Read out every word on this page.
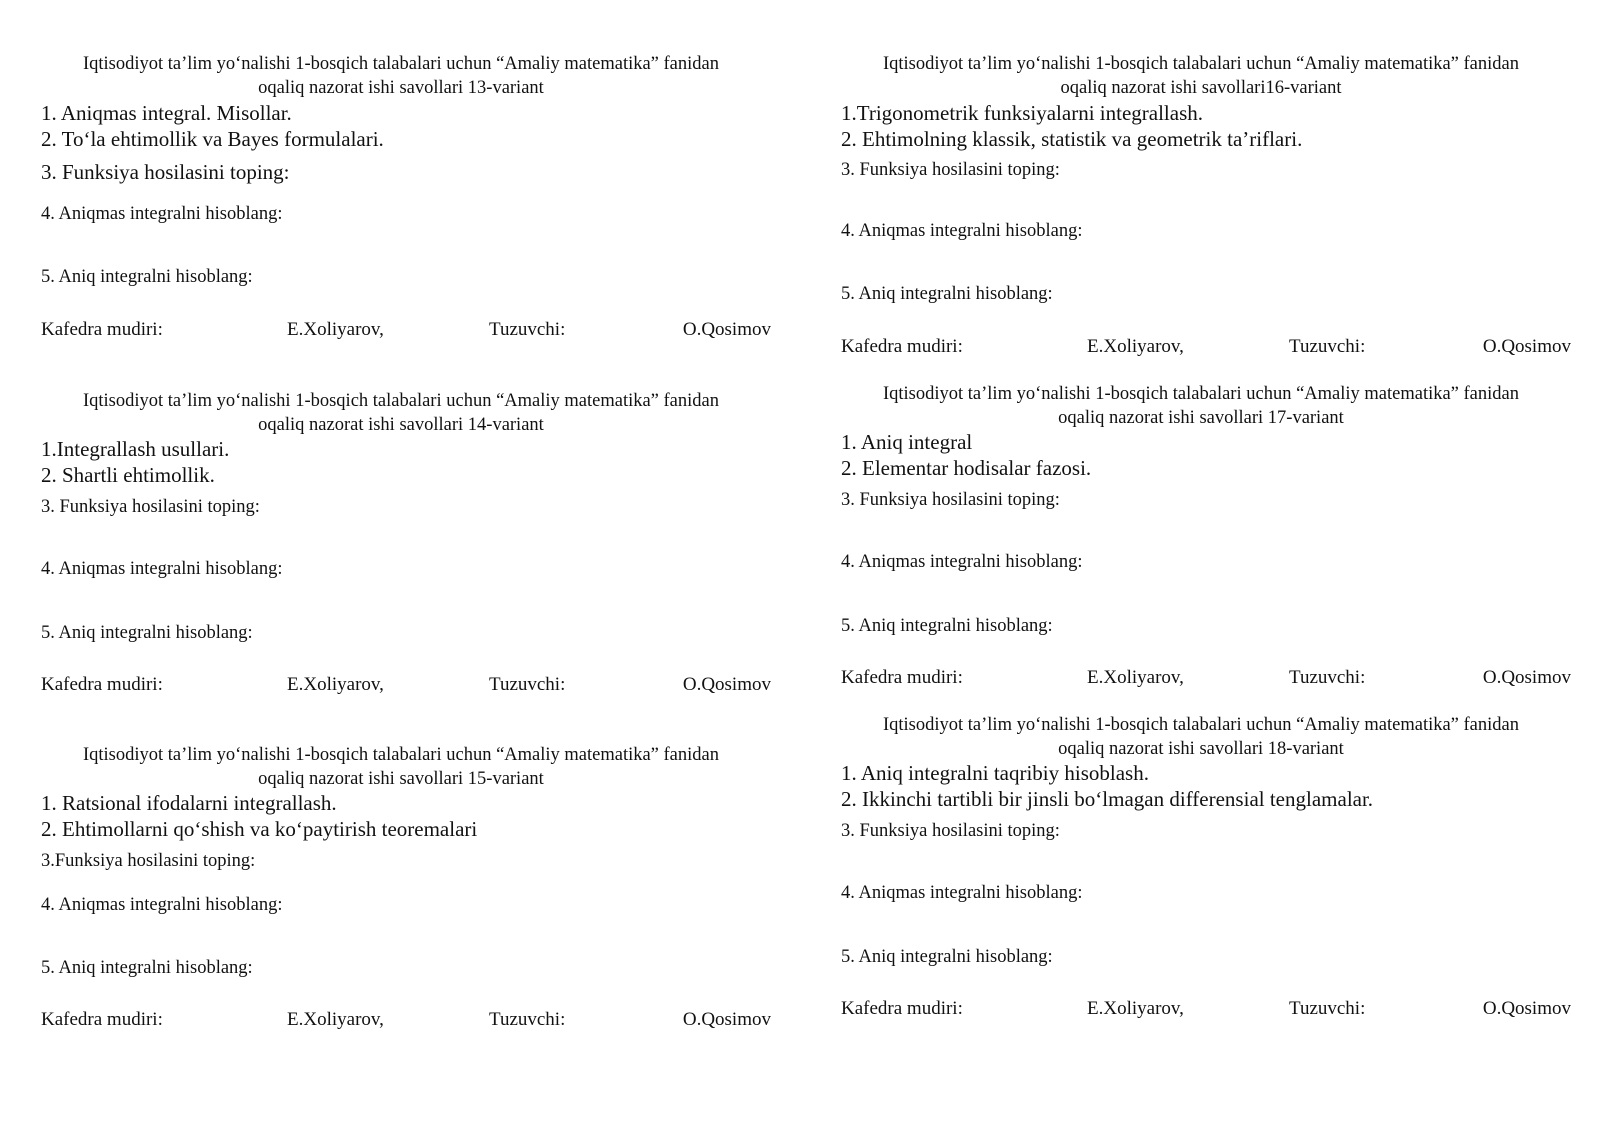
Iqtisodiyot ta’lim yo‘nalishi 1-bosqich talabalari uchun “Amaliy matematika” fanidan
oqaliq nazorat ishi savollari 13-variant
1. Aniqmas integral. Misollar.
2. To‘la ehtimollik va Bayes formulalari.
3. Funksiya hosilasini toping:
4. Aniqmas integralni hisoblang:
5. Aniq integralni hisoblang:
Kafedra mudiri:	E.Xoliyarov,	Tuzuvchi:	O.Qosimov
Iqtisodiyot ta’lim yo‘nalishi 1-bosqich talabalari uchun “Amaliy matematika” fanidan
oqaliq nazorat ishi savollari 14-variant
1.Integrallash usullari.
2. Shartli ehtimollik.
3. Funksiya hosilasini toping:
4. Aniqmas integralni hisoblang:
5. Aniq integralni hisoblang:
Kafedra mudiri:	E.Xoliyarov,	Tuzuvchi:	O.Qosimov
Iqtisodiyot ta’lim yo‘nalishi 1-bosqich talabalari uchun “Amaliy matematika” fanidan
oqaliq nazorat ishi savollari 15-variant
1. Ratsional ifodalarni integrallash.
2. Ehtimollarni qo‘shish va ko‘paytirish teoremalari
3.Funksiya hosilasini toping:
4. Aniqmas integralni hisoblang:
5. Aniq integralni hisoblang:
Kafedra mudiri:	E.Xoliyarov,	Tuzuvchi:	O.Qosimov
Iqtisodiyot ta’lim yo‘nalishi 1-bosqich talabalari uchun “Amaliy matematika” fanidan
oqaliq nazorat ishi savollari16-variant
1.Trigonometrik funksiyalarni integrallash.
2. Ehtimolning klassik, statistik va geometrik ta’riflari.
3. Funksiya hosilasini toping:
4. Aniqmas integralni hisoblang:
5. Aniq integralni hisoblang:
Kafedra mudiri:	E.Xoliyarov,	Tuzuvchi:	O.Qosimov
Iqtisodiyot ta’lim yo‘nalishi 1-bosqich talabalari uchun “Amaliy matematika” fanidan
oqaliq nazorat ishi savollari 17-variant
1. Aniq integral
2. Elementar hodisalar fazosi.
3. Funksiya hosilasini toping:
4. Aniqmas integralni hisoblang:
5. Aniq integralni hisoblang:
Kafedra mudiri:	E.Xoliyarov,	Tuzuvchi:	O.Qosimov
Iqtisodiyot ta’lim yo‘nalishi 1-bosqich talabalari uchun “Amaliy matematika” fanidan
oqaliq nazorat ishi savollari 18-variant
1. Aniq integralni taqribiy hisoblash.
2. Ikkinchi tartibli bir jinsli bo‘lmagan differensial tenglamalar.
3. Funksiya hosilasini toping:
4. Aniqmas integralni hisoblang:
5. Aniq integralni hisoblang:
Kafedra mudiri:	E.Xoliyarov,	Tuzuvchi:	O.Qosimov
